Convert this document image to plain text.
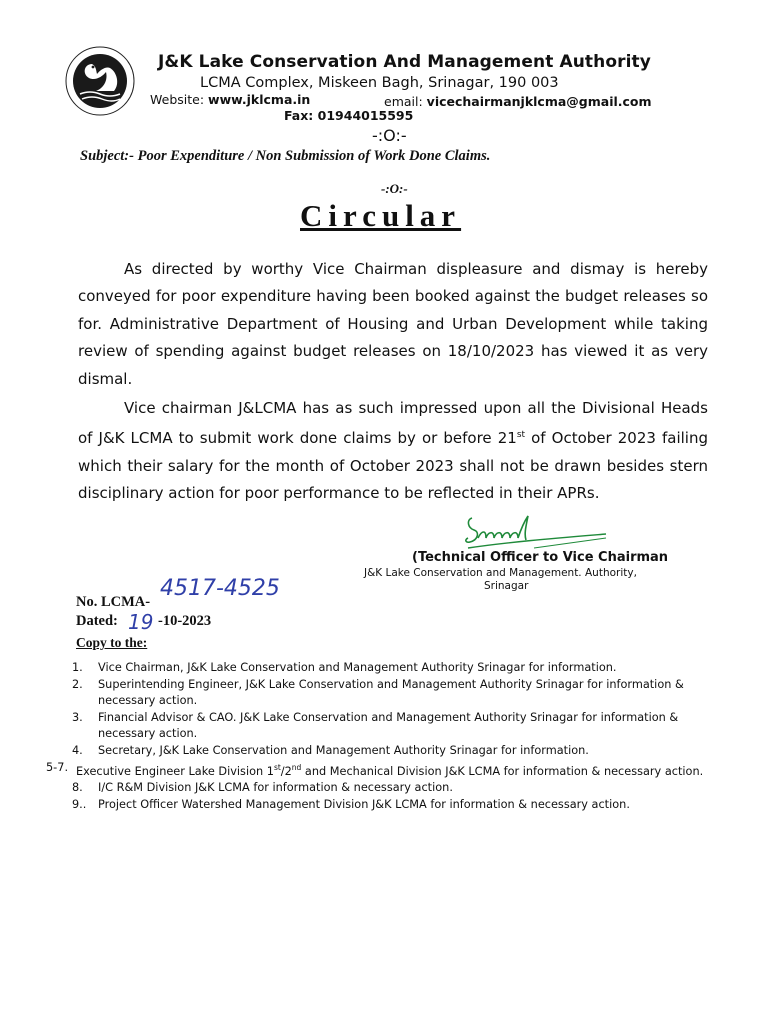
J&K Lake Conservation And Management Authority
LCMA Complex, Miskeen Bagh, Srinagar, 190 003
Website: www.jklcma.in	email: vicechairmanjklcma@gmail.com
Fax: 01944015595
-:O:-
Subject:- Poor Expenditure / Non Submission of Work Done Claims.
-:O:-
Circular
As directed by worthy Vice Chairman displeasure and dismay is hereby conveyed for poor expenditure having been booked against the budget releases so for. Administrative Department of Housing and Urban Development while taking review of spending against budget releases on 18/10/2023 has viewed it as very dismal.
Vice chairman J&LCMA has as such impressed upon all the Divisional Heads of J&K LCMA to submit work done claims by or before 21st of October 2023 failing which their salary for the month of October 2023 shall not be drawn besides stern disciplinary action for poor performance to be reflected in their APRs.
(Technical Officer to Vice Chairman
J&K Lake Conservation and Management. Authority,
Srinagar
No. LCMA-
4517-4525
Dated: 19 -10-2023
Copy to the:
1.	Vice Chairman, J&K Lake Conservation and Management Authority Srinagar for information.
2.	Superintending Engineer, J&K Lake Conservation and Management Authority Srinagar for information & necessary action.
3.	Financial Advisor & CAO. J&K Lake Conservation and Management Authority Srinagar for information & necessary action.
4.	Secretary, J&K Lake Conservation and Management Authority Srinagar for information.
5-7. Executive Engineer Lake Division 1st/2nd and Mechanical Division J&K LCMA for information & necessary action.
8.	I/C R&M Division J&K LCMA for information & necessary action.
9..	Project Officer Watershed Management Division J&K LCMA for information & necessary action.
